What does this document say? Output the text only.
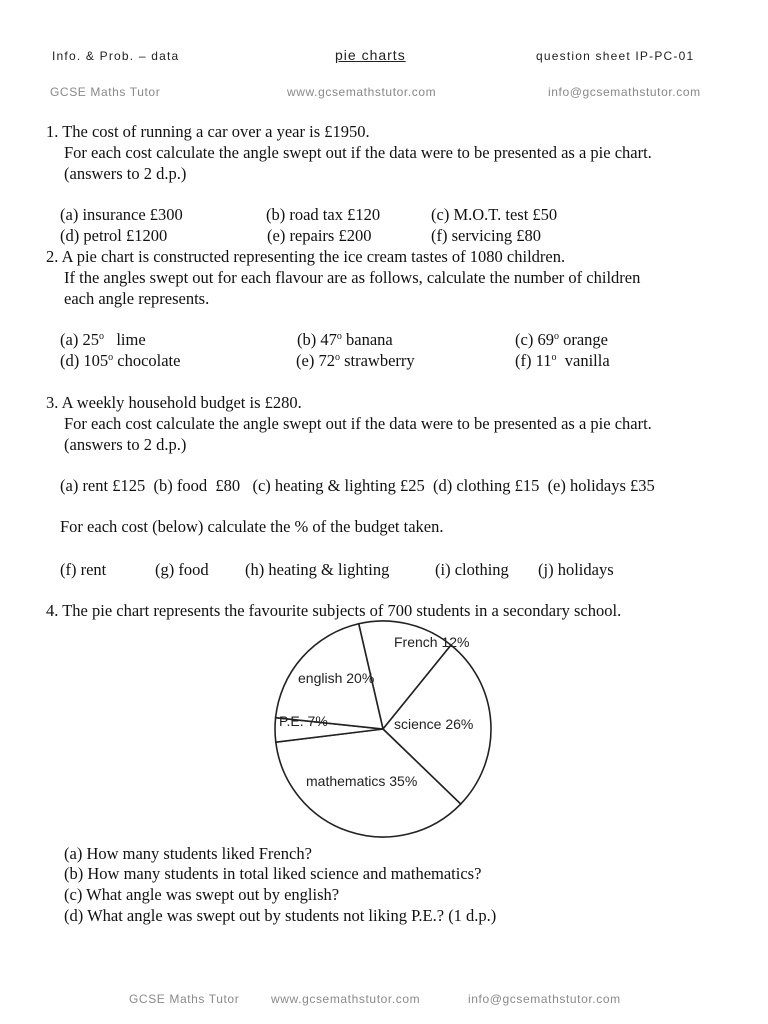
Info. & Prob. – data	pie charts	question sheet IP-PC-01
GCSE Maths Tutor	www.gcsemathstutor.com	info@gcsemathstutor.com
1. The cost of running a car over a year is £1950.
For each cost calculate the angle swept out if the data were to be presented as a pie chart.
(answers to 2 d.p.)
(a) insurance £300	(b) road tax £120	(c) M.O.T. test £50
(d) petrol £1200	(e) repairs £200	(f) servicing £80
2. A pie chart is constructed representing the ice cream tastes of 1080 children.
If the angles swept out for each flavour are as follows, calculate the number of children
each angle represents.
(a) 25$^o$   lime	(b) 47$^o$ banana	(c) 69$^o$ orange
(d) 105$^o$ chocolate	(e) 72$^o$ strawberry	(f) 11$^o$  vanilla
3. A weekly household budget is £280.
For each cost calculate the angle swept out if the data were to be presented as a pie chart.
(answers to 2 d.p.)
(a) rent £125  (b) food  £80   (c) heating & lighting £25  (d) clothing £15  (e) holidays £35
For each cost (below) calculate the % of the budget taken.
(f) rent	(g) food (h) heating & lighting	(i) clothing (j) holidays
4. The pie chart represents the favourite subjects of 700 students in a secondary school.
French 12%
science 26%
mathematics 35%
P.E. 7%
english 20%
(a) How many students liked French?
(b) How many students in total liked science and mathematics?
(c) What angle was swept out by english?
(d) What angle was swept out by students not liking P.E.? (1 d.p.)
GCSE Maths Tutor	www.gcsemathstutor.com	info@gcsemathstutor.com
